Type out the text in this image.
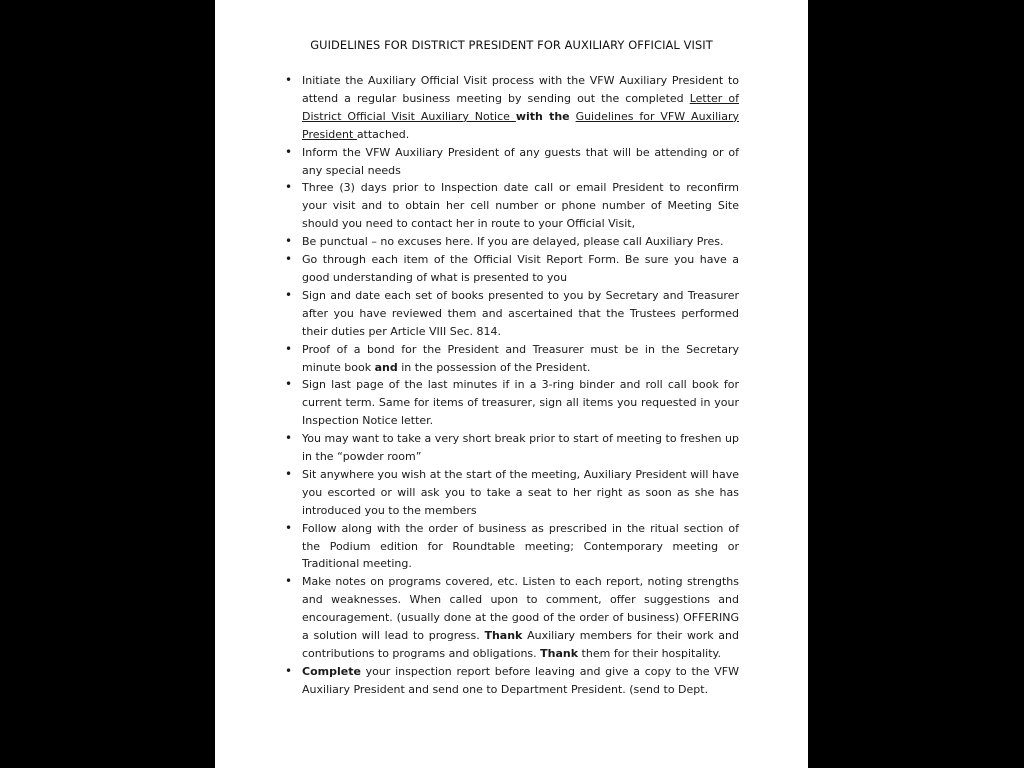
GUIDELINES FOR DISTRICT PRESIDENT FOR AUXILIARY OFFICIAL VISIT
• Initiate the Auxiliary Official Visit process with the VFW Auxiliary President to attend a regular business meeting by sending out the completed Letter of District Official Visit Auxiliary Notice with the Guidelines for VFW Auxiliary President attached.
• Inform the VFW Auxiliary President of any guests that will be attending or of any special needs
• Three (3) days prior to Inspection date call or email President to reconfirm your visit and to obtain her cell number or phone number of Meeting Site should you need to contact her in route to your Official Visit,
• Be punctual – no excuses here. If you are delayed, please call Auxiliary Pres.
• Go through each item of the Official Visit Report Form. Be sure you have a good understanding of what is presented to you
• Sign and date each set of books presented to you by Secretary and Treasurer after you have reviewed them and ascertained that the Trustees performed their duties per Article VIII Sec. 814.
• Proof of a bond for the President and Treasurer must be in the Secretary minute book and in the possession of the President.
• Sign last page of the last minutes if in a 3-ring binder and roll call book for current term. Same for items of treasurer, sign all items you requested in your Inspection Notice letter.
• You may want to take a very short break prior to start of meeting to freshen up in the “powder room”
• Sit anywhere you wish at the start of the meeting, Auxiliary President will have you escorted or will ask you to take a seat to her right as soon as she has introduced you to the members
• Follow along with the order of business as prescribed in the ritual section of the Podium edition for Roundtable meeting; Contemporary meeting or Traditional meeting.
• Make notes on programs covered, etc. Listen to each report, noting strengths and weaknesses. When called upon to comment, offer suggestions and encouragement. (usually done at the good of the order of business) OFFERING a solution will lead to progress. Thank Auxiliary members for their work and contributions to programs and obligations. Thank them for their hospitality.
• Complete your inspection report before leaving and give a copy to the VFW Auxiliary President and send one to Department President. (send to Dept.
